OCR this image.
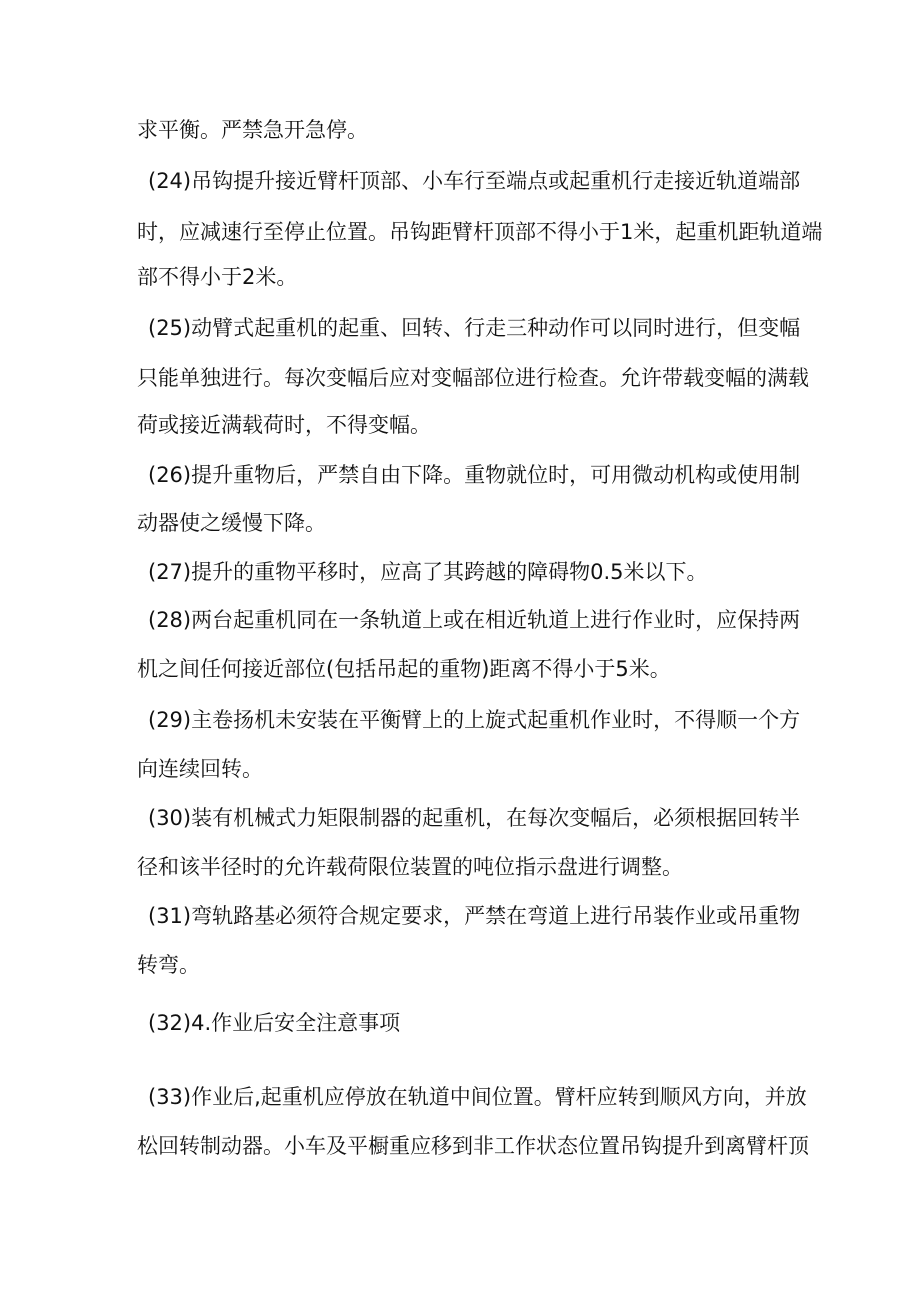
求平衡。严禁急开急停。
(24)吊钩提升接近臂杆顶部、小车行至端点或起重机行走接近轨道端部
时，应减速行至停止位置。吊钩距臂杆顶部不得小于1米，起重机距轨道端
部不得小于2米。
(25)动臂式起重机的起重、回转、行走三种动作可以同时进行，但变幅
只能单独进行。每次变幅后应对变幅部位进行检查。允许带载变幅的满载
荷或接近满载荷时，不得变幅。
(26)提升重物后，严禁自由下降。重物就位时，可用微动机构或使用制
动器使之缓慢下降。
(27)提升的重物平移时，应高了其跨越的障碍物0.5米以下。
(28)两台起重机同在一条轨道上或在相近轨道上进行作业时，应保持两
机之间任何接近部位(包括吊起的重物)距离不得小于5米。
(29)主卷扬机未安装在平衡臂上的上旋式起重机作业时，不得顺一个方
向连续回转。
(30)装有机械式力矩限制器的起重机，在每次变幅后，必须根据回转半
径和该半径时的允许载荷限位装置的吨位指示盘进行调整。
(31)弯轨路基必须符合规定要求，严禁在弯道上进行吊装作业或吊重物
转弯。
(32)4.作业后安全注意事项
(33)作业后,起重机应停放在轨道中间位置。臂杆应转到顺风方向，并放
松回转制动器。小车及平橱重应移到非工作状态位置吊钩提升到离臂杆顶
